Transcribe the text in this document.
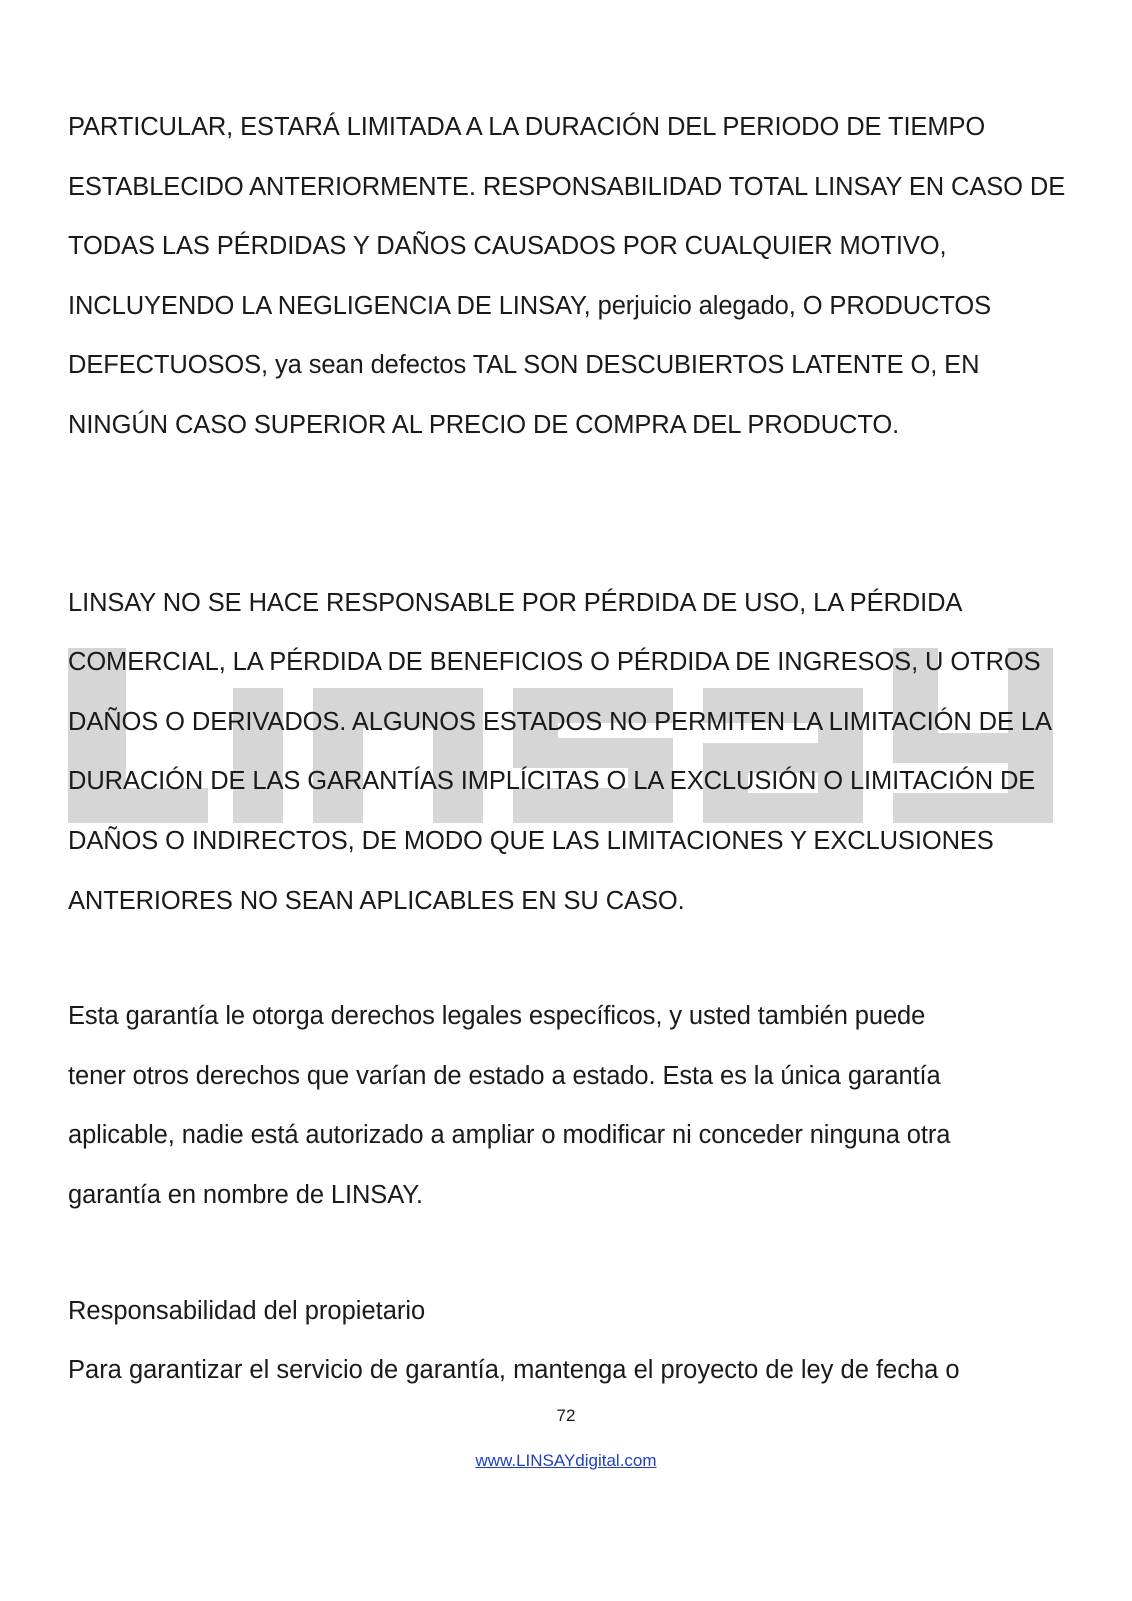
PARTICULAR, ESTARÁ LIMITADA A LA DURACIÓN DEL PERIODO DE TIEMPO
ESTABLECIDO ANTERIORMENTE. RESPONSABILIDAD TOTAL LINSAY EN CASO DE
TODAS LAS PÉRDIDAS Y DAÑOS CAUSADOS POR CUALQUIER MOTIVO,
INCLUYENDO LA NEGLIGENCIA DE LINSAY, perjuicio alegado, O PRODUCTOS
DEFECTUOSOS, ya sean defectos TAL SON DESCUBIERTOS LATENTE O, EN
NINGÚN CASO SUPERIOR AL PRECIO DE COMPRA DEL PRODUCTO.

LINSAY NO SE HACE RESPONSABLE POR PÉRDIDA DE USO, LA PÉRDIDA
COMERCIAL, LA PÉRDIDA DE BENEFICIOS O PÉRDIDA DE INGRESOS, U OTROS
DAÑOS O DERIVADOS. ALGUNOS ESTADOS NO PERMITEN LA LIMITACIÓN DE LA
DURACIÓN DE LAS GARANTÍAS IMPLÍCITAS O LA EXCLUSIÓN O LIMITACIÓN DE
DAÑOS O INDIRECTOS, DE MODO QUE LAS LIMITACIONES Y EXCLUSIONES
ANTERIORES NO SEAN APLICABLES EN SU CASO.

Esta garantía le otorga derechos legales específicos, y usted también puede
tener otros derechos que varían de estado a estado. Esta es la única garantía
aplicable, nadie está autorizado a ampliar o modificar ni conceder ninguna otra
garantía en nombre de LINSAY.

Responsabilidad del propietario
Para garantizar el servicio de garantía, mantenga el proyecto de ley de fecha o
72
www.LINSAYdigital.com
